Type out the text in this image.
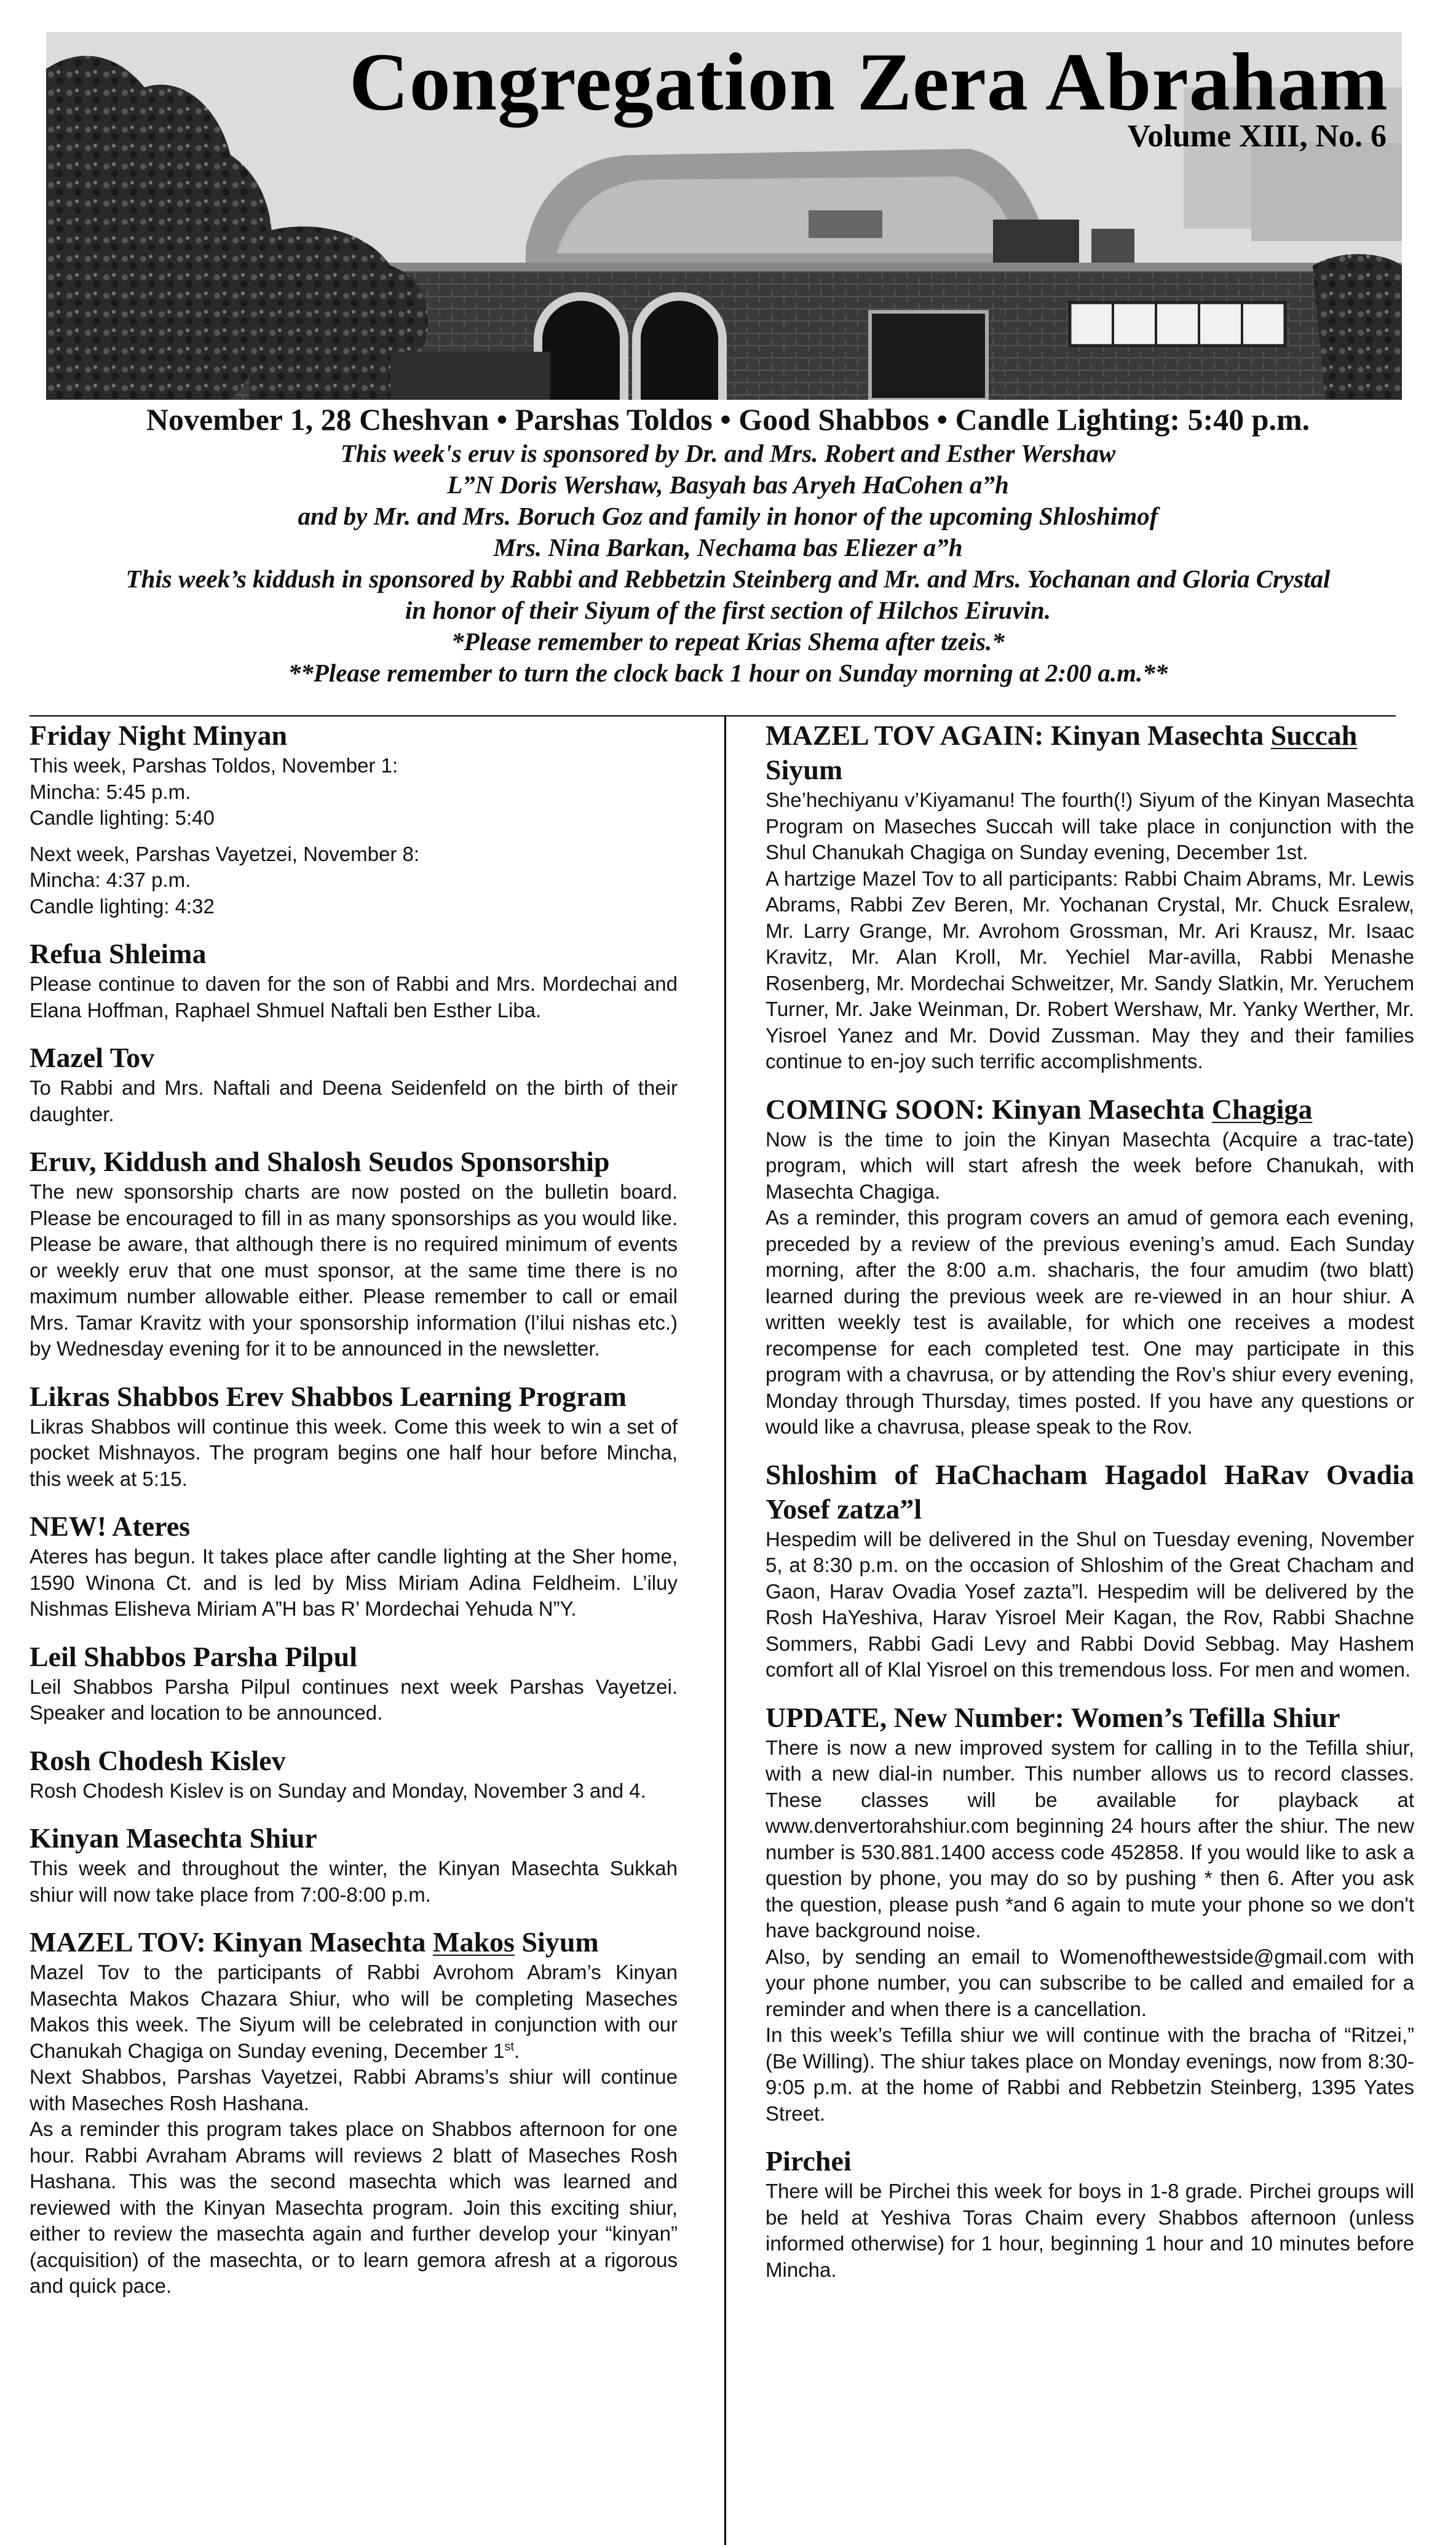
Congregation Zera Abraham
Volume XIII, No. 6
November 1, 28 Cheshvan • Parshas Toldos • Good Shabbos • Candle Lighting: 5:40 p.m.
This week's eruv is sponsored by Dr. and Mrs. Robert and Esther Wershaw
L”N Doris Wershaw, Basyah bas Aryeh HaCohen a”h
and by Mr. and Mrs. Boruch Goz and family in honor of the upcoming Shloshimof
Mrs. Nina Barkan, Nechama bas Eliezer a”h
This week’s kiddush in sponsored by Rabbi and Rebbetzin Steinberg and Mr. and Mrs. Yochanan and Gloria Crystal
in honor of their Siyum of the first section of Hilchos Eiruvin.
*Please remember to repeat Krias Shema after tzeis.*
**Please remember to turn the clock back 1 hour on Sunday morning at 2:00 a.m.**
Friday Night Minyan

This week, Parshas Toldos, November 1:

Mincha: 5:45 p.m.

Candle lighting: 5:40

Next week, Parshas Vayetzei, November 8:

Mincha: 4:37 p.m.

Candle lighting: 4:32

Refua Shleima

Please continue to daven for the son of Rabbi and Mrs. Mordechai and Elana Hoffman, Raphael Shmuel Naftali ben Esther Liba.

Mazel Tov

To Rabbi and Mrs. Naftali and Deena Seidenfeld on the birth of their daughter.

Eruv, Kiddush and Shalosh Seudos Sponsorship

The new sponsorship charts are now posted on the bulletin board. Please be encouraged to fill in as many sponsorships as you would like. Please be aware, that although there is no required minimum of events or weekly eruv that one must sponsor, at the same time there is no maximum number allowable either. Please remember to call or email Mrs. Tamar Kravitz with your sponsorship information (l’ilui nishas etc.) by Wednesday evening for it to be announced in the newsletter.

Likras Shabbos Erev Shabbos Learning Program

Likras Shabbos will continue this week. Come this week to win a set of pocket Mishnayos. The program begins one half hour before Mincha, this week at 5:15.

NEW! Ateres

Ateres has begun. It takes place after candle lighting at the Sher home, 1590 Winona Ct. and is led by Miss Miriam Adina Feldheim. L’iluy Nishmas Elisheva Miriam A”H bas R’ Mordechai Yehuda N”Y.

Leil Shabbos Parsha Pilpul

Leil Shabbos Parsha Pilpul continues next week Parshas Vayetzei. Speaker and location to be announced.

Rosh Chodesh Kislev

Rosh Chodesh Kislev is on Sunday and Monday, November 3 and 4.

Kinyan Masechta Shiur

This week and throughout the winter, the Kinyan Masechta Sukkah shiur will now take place from 7:00-8:00 p.m.

MAZEL TOV: Kinyan Masechta Makos Siyum

Mazel Tov to the participants of Rabbi Avrohom Abram’s Kinyan Masechta Makos Chazara Shiur, who will be completing Maseches Makos this week. The Siyum will be celebrated in conjunction with our Chanukah Chagiga on Sunday evening, December 1st.

Next Shabbos, Parshas Vayetzei, Rabbi Abrams’s shiur will continue with Maseches Rosh Hashana.

As a reminder this program takes place on Shabbos afternoon for one hour. Rabbi Avraham Abrams will reviews 2 blatt of Maseches Rosh Hashana. This was the second masechta which was learned and reviewed with the Kinyan Masechta program. Join this exciting shiur, either to review the masechta again and further develop your “kinyan” (acquisition) of the masechta, or to learn gemora afresh at a rigorous and quick pace.

MAZEL TOV AGAIN: Kinyan Masechta Succah
Siyum

She’hechiyanu v’Kiyamanu! The fourth(!) Siyum of the Kinyan Masechta Program on Maseches Succah will take place in conjunction with the Shul Chanukah Chagiga on Sunday evening, December 1st.

A hartzige Mazel Tov to all participants: Rabbi Chaim Abrams, Mr. Lewis Abrams, Rabbi Zev Beren, Mr. Yochanan Crystal, Mr. Chuck Esralew, Mr. Larry Grange, Mr. Avrohom Grossman, Mr. Ari Krausz, Mr. Isaac Kravitz, Mr. Alan Kroll, Mr. Yechiel Mar-avilla, Rabbi Menashe Rosenberg, Mr. Mordechai Schweitzer, Mr. Sandy Slatkin, Mr. Yeruchem Turner, Mr. Jake Weinman, Dr. Robert Wershaw, Mr. Yanky Werther, Mr. Yisroel Yanez and Mr. Dovid Zussman. May they and their families continue to en-joy such terrific accomplishments.

COMING SOON: Kinyan Masechta Chagiga

Now is the time to join the Kinyan Masechta (Acquire a trac-tate) program, which will start afresh the week before Chanukah, with Masechta Chagiga.

As a reminder, this program covers an amud of gemora each evening, preceded by a review of the previous evening’s amud. Each Sunday morning, after the 8:00 a.m. shacharis, the four amudim (two blatt) learned during the previous week are re-viewed in an hour shiur. A written weekly test is available, for which one receives a modest recompense for each completed test. One may participate in this program with a chavrusa, or by attending the Rov’s shiur every evening, Monday through Thursday, times posted. If you have any questions or would like a chavrusa, please speak to the Rov.

Shloshim of HaChacham Hagadol HaRav Ovadia Yosef zatza”l

Hespedim will be delivered in the Shul on Tuesday evening, November 5, at 8:30 p.m. on the occasion of Shloshim of the Great Chacham and Gaon, Harav Ovadia Yosef zazta”l. Hespedim will be delivered by the Rosh HaYeshiva, Harav Yisroel Meir Kagan, the Rov, Rabbi Shachne Sommers, Rabbi Gadi Levy and Rabbi Dovid Sebbag. May Hashem comfort all of Klal Yisroel on this tremendous loss. For men and women.

UPDATE, New Number: Women’s Tefilla Shiur

There is now a new improved system for calling in to the Tefilla shiur, with a new dial-in number. This number allows us to record classes. These classes will be available for playback at www.denvertorahshiur.com beginning 24 hours after the shiur. The new number is 530.881.1400 access code 452858. If you would like to ask a question by phone, you may do so by pushing * then 6. After you ask the question, please push *and 6 again to mute your phone so we don't have background noise.

Also, by sending an email to Womenofthewestside@gmail.com with your phone number, you can subscribe to be called and emailed for a reminder and when there is a cancellation.

In this week’s Tefilla shiur we will continue with the bracha of “Ritzei,” (Be Willing). The shiur takes place on Monday evenings, now from 8:30-9:05 p.m. at the home of Rabbi and Rebbetzin Steinberg, 1395 Yates Street.

Pirchei

There will be Pirchei this week for boys in 1-8 grade. Pirchei groups will be held at Yeshiva Toras Chaim every Shabbos afternoon (unless informed otherwise) for 1 hour, beginning 1 hour and 10 minutes before Mincha.
